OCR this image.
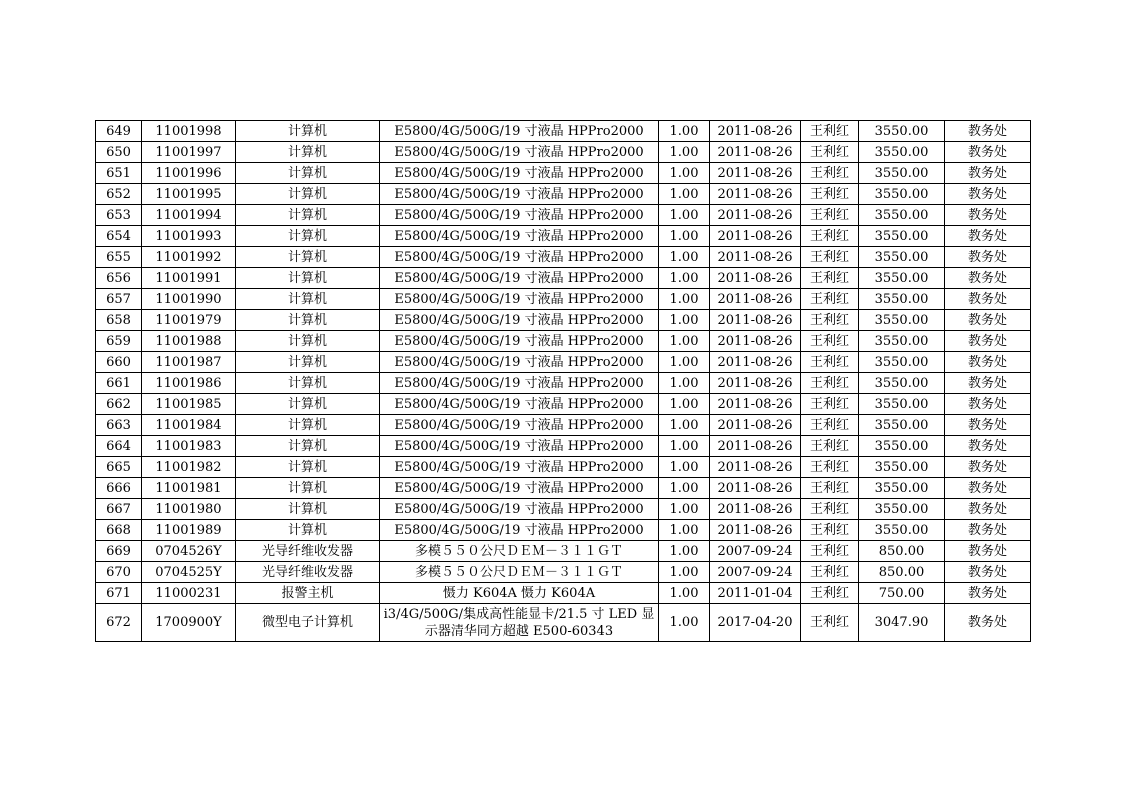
649	11001998	计算机	E5800/4G/500G/19 寸液晶 HPPro2000	1.00	2011-08-26	王利红	3550.00	教务处
650	11001997	计算机	E5800/4G/500G/19 寸液晶 HPPro2000	1.00	2011-08-26	王利红	3550.00	教务处
651	11001996	计算机	E5800/4G/500G/19 寸液晶 HPPro2000	1.00	2011-08-26	王利红	3550.00	教务处
652	11001995	计算机	E5800/4G/500G/19 寸液晶 HPPro2000	1.00	2011-08-26	王利红	3550.00	教务处
653	11001994	计算机	E5800/4G/500G/19 寸液晶 HPPro2000	1.00	2011-08-26	王利红	3550.00	教务处
654	11001993	计算机	E5800/4G/500G/19 寸液晶 HPPro2000	1.00	2011-08-26	王利红	3550.00	教务处
655	11001992	计算机	E5800/4G/500G/19 寸液晶 HPPro2000	1.00	2011-08-26	王利红	3550.00	教务处
656	11001991	计算机	E5800/4G/500G/19 寸液晶 HPPro2000	1.00	2011-08-26	王利红	3550.00	教务处
657	11001990	计算机	E5800/4G/500G/19 寸液晶 HPPro2000	1.00	2011-08-26	王利红	3550.00	教务处
658	11001979	计算机	E5800/4G/500G/19 寸液晶 HPPro2000	1.00	2011-08-26	王利红	3550.00	教务处
659	11001988	计算机	E5800/4G/500G/19 寸液晶 HPPro2000	1.00	2011-08-26	王利红	3550.00	教务处
660	11001987	计算机	E5800/4G/500G/19 寸液晶 HPPro2000	1.00	2011-08-26	王利红	3550.00	教务处
661	11001986	计算机	E5800/4G/500G/19 寸液晶 HPPro2000	1.00	2011-08-26	王利红	3550.00	教务处
662	11001985	计算机	E5800/4G/500G/19 寸液晶 HPPro2000	1.00	2011-08-26	王利红	3550.00	教务处
663	11001984	计算机	E5800/4G/500G/19 寸液晶 HPPro2000	1.00	2011-08-26	王利红	3550.00	教务处
664	11001983	计算机	E5800/4G/500G/19 寸液晶 HPPro2000	1.00	2011-08-26	王利红	3550.00	教务处
665	11001982	计算机	E5800/4G/500G/19 寸液晶 HPPro2000	1.00	2011-08-26	王利红	3550.00	教务处
666	11001981	计算机	E5800/4G/500G/19 寸液晶 HPPro2000	1.00	2011-08-26	王利红	3550.00	教务处
667	11001980	计算机	E5800/4G/500G/19 寸液晶 HPPro2000	1.00	2011-08-26	王利红	3550.00	教务处
668	11001989	计算机	E5800/4G/500G/19 寸液晶 HPPro2000	1.00	2011-08-26	王利红	3550.00	教务处
669	0704526Y	光导纤维收发器	多模５５０公尺ＤＥＭ－３１１ＧＴ	1.00	2007-09-24	王利红	850.00	教务处
670	0704525Y	光导纤维收发器	多模５５０公尺ＤＥＭ－３１１ＧＴ	1.00	2007-09-24	王利红	850.00	教务处
671	11000231	报警主机	慑力 K604A 慑力 K604A	1.00	2011-01-04	王利红	750.00	教务处
672	1700900Y	微型电子计算机	i3/4G/500G/集成高性能显卡/21.5 寸 LED 显示器清华同方超越 E500-60343	1.00	2017-04-20	王利红	3047.90	教务处
